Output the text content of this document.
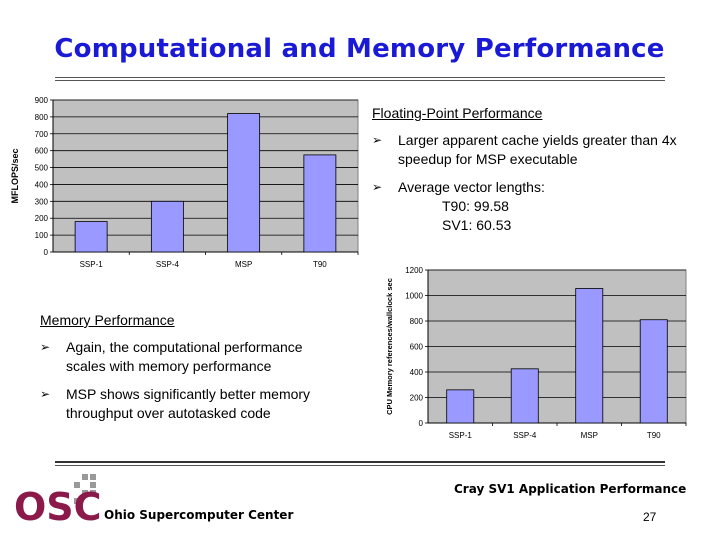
Computational and Memory Performance
0
100
200
300
400
500
600
700
800
900
SSP-1	SSP-4	MSP	T90
MFLOPS/sec
0
200
400
600
800
1000
1200
SSP-1	SSP-4	MSP	T90
CPU Memory references/wallclock sec
Floating-Point Performance
➢ Larger apparent cache yields greater than 4x speedup for MSP executable
➢ Average vector lengths:
T90: 99.58
SV1: 60.53
Memory Performance
➢ Again, the computational performance scales with memory performance
➢ MSP shows significantly better memory throughput over autotasked code
Cray SV1 Application Performance
27
Ohio Supercomputer Center
OSC
